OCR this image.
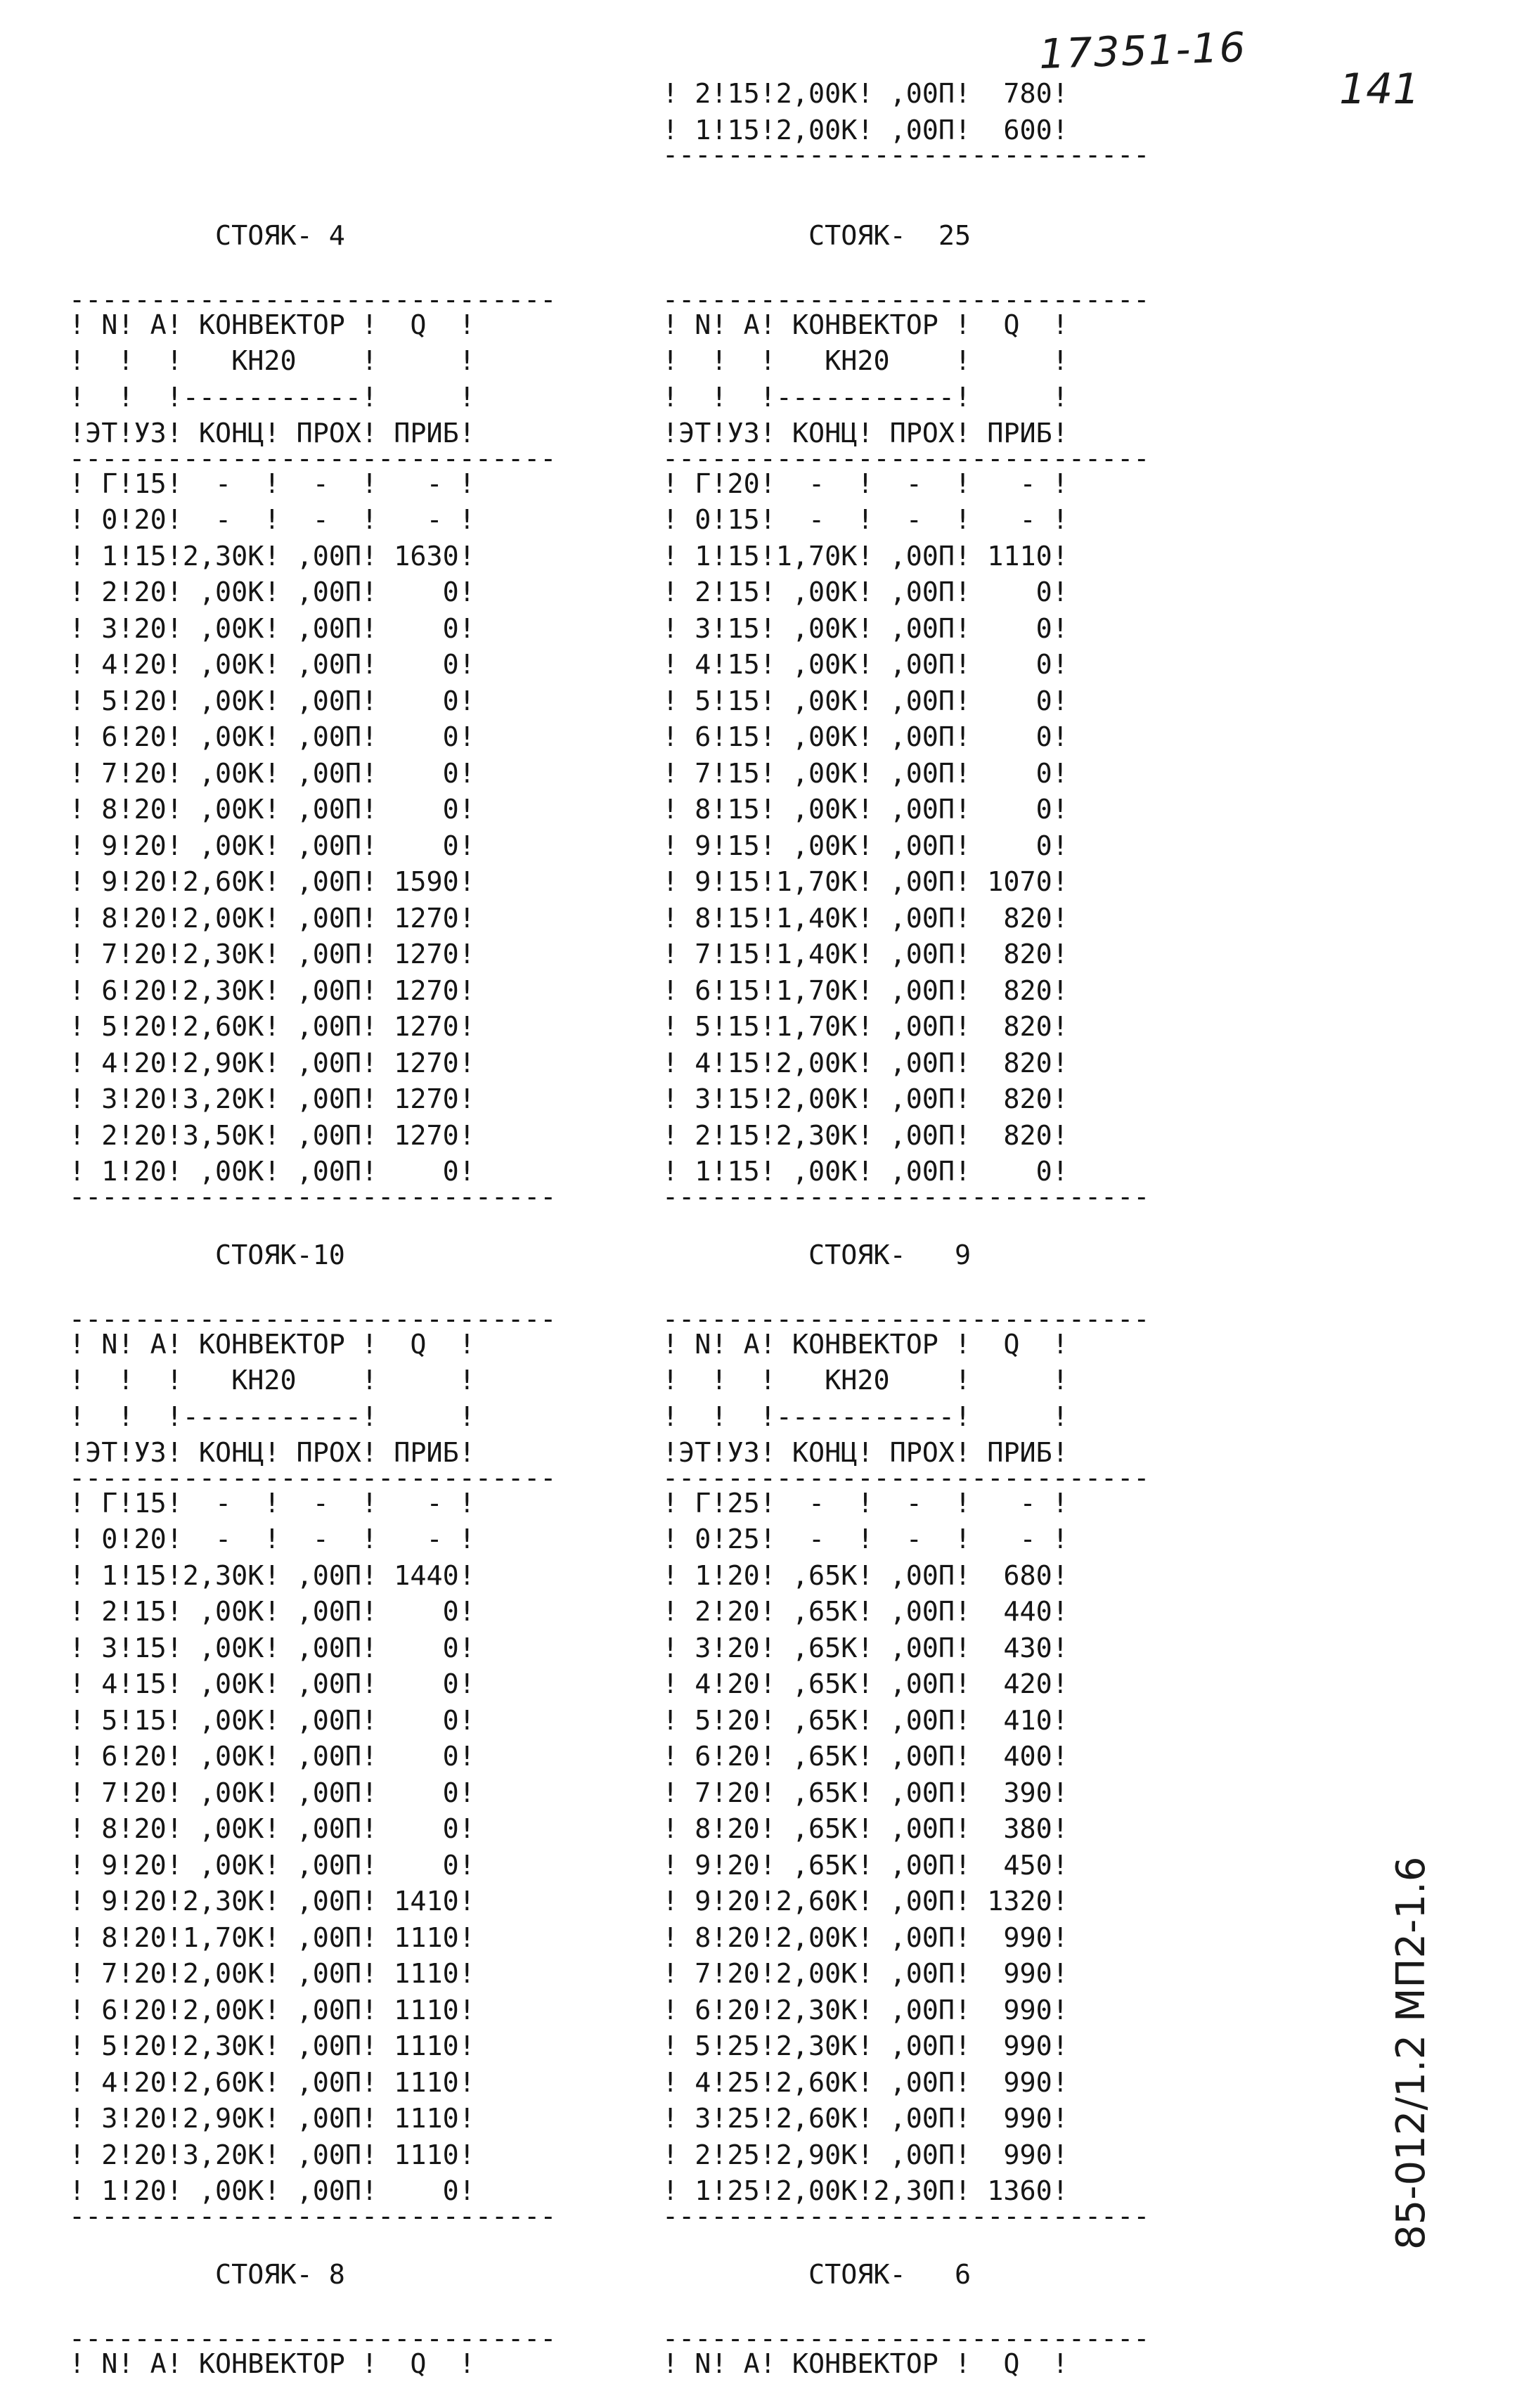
17351-16
141
85-012/1.2 МП2-1.6
! 2!15!2,00К! ,00П!  780!
! 1!15!2,00К! ,00П!  600!
------------------------------
СТОЯК- 4
------------------------------
! N! А! КОНВЕКТОР !  Q  !
!  !  !   КН20    !     !
!  !  !-----------!     !
!ЭТ!УЗ! КОНЦ! ПРОХ! ПРИБ!
------------------------------
! Г!15!  -  !  -  !   - !
! 0!20!  -  !  -  !   - !
! 1!15!2,30К! ,00П! 1630!
! 2!20! ,00К! ,00П!    0!
! 3!20! ,00К! ,00П!    0!
! 4!20! ,00К! ,00П!    0!
! 5!20! ,00К! ,00П!    0!
! 6!20! ,00К! ,00П!    0!
! 7!20! ,00К! ,00П!    0!
! 8!20! ,00К! ,00П!    0!
! 9!20! ,00К! ,00П!    0!
! 9!20!2,60К! ,00П! 1590!
! 8!20!2,00К! ,00П! 1270!
! 7!20!2,30К! ,00П! 1270!
! 6!20!2,30К! ,00П! 1270!
! 5!20!2,60К! ,00П! 1270!
! 4!20!2,90К! ,00П! 1270!
! 3!20!3,20К! ,00П! 1270!
! 2!20!3,50К! ,00П! 1270!
! 1!20! ,00К! ,00П!    0!
------------------------------
СТОЯК-  25
------------------------------
! N! А! КОНВЕКТОР !  Q  !
!  !  !   КН20    !     !
!  !  !-----------!     !
!ЭТ!УЗ! КОНЦ! ПРОХ! ПРИБ!
------------------------------
! Г!20!  -  !  -  !   - !
! 0!15!  -  !  -  !   - !
! 1!15!1,70К! ,00П! 1110!
! 2!15! ,00К! ,00П!    0!
! 3!15! ,00К! ,00П!    0!
! 4!15! ,00К! ,00П!    0!
! 5!15! ,00К! ,00П!    0!
! 6!15! ,00К! ,00П!    0!
! 7!15! ,00К! ,00П!    0!
! 8!15! ,00К! ,00П!    0!
! 9!15! ,00К! ,00П!    0!
! 9!15!1,70К! ,00П! 1070!
! 8!15!1,40К! ,00П!  820!
! 7!15!1,40К! ,00П!  820!
! 6!15!1,70К! ,00П!  820!
! 5!15!1,70К! ,00П!  820!
! 4!15!2,00К! ,00П!  820!
! 3!15!2,00К! ,00П!  820!
! 2!15!2,30К! ,00П!  820!
! 1!15! ,00К! ,00П!    0!
------------------------------
СТОЯК-10
------------------------------
! N! А! КОНВЕКТОР !  Q  !
!  !  !   КН20    !     !
!  !  !-----------!     !
!ЭТ!УЗ! КОНЦ! ПРОХ! ПРИБ!
------------------------------
! Г!15!  -  !  -  !   - !
! 0!20!  -  !  -  !   - !
! 1!15!2,30К! ,00П! 1440!
! 2!15! ,00К! ,00П!    0!
! 3!15! ,00К! ,00П!    0!
! 4!15! ,00К! ,00П!    0!
! 5!15! ,00К! ,00П!    0!
! 6!20! ,00К! ,00П!    0!
! 7!20! ,00К! ,00П!    0!
! 8!20! ,00К! ,00П!    0!
! 9!20! ,00К! ,00П!    0!
! 9!20!2,30К! ,00П! 1410!
! 8!20!1,70К! ,00П! 1110!
! 7!20!2,00К! ,00П! 1110!
! 6!20!2,00К! ,00П! 1110!
! 5!20!2,30К! ,00П! 1110!
! 4!20!2,60К! ,00П! 1110!
! 3!20!2,90К! ,00П! 1110!
! 2!20!3,20К! ,00П! 1110!
! 1!20! ,00К! ,00П!    0!
------------------------------
СТОЯК-   9
------------------------------
! N! А! КОНВЕКТОР !  Q  !
!  !  !   КН20    !     !
!  !  !-----------!     !
!ЭТ!УЗ! КОНЦ! ПРОХ! ПРИБ!
------------------------------
! Г!25!  -  !  -  !   - !
! 0!25!  -  !  -  !   - !
! 1!20! ,65К! ,00П!  680!
! 2!20! ,65К! ,00П!  440!
! 3!20! ,65К! ,00П!  430!
! 4!20! ,65К! ,00П!  420!
! 5!20! ,65К! ,00П!  410!
! 6!20! ,65К! ,00П!  400!
! 7!20! ,65К! ,00П!  390!
! 8!20! ,65К! ,00П!  380!
! 9!20! ,65К! ,00П!  450!
! 9!20!2,60К! ,00П! 1320!
! 8!20!2,00К! ,00П!  990!
! 7!20!2,00К! ,00П!  990!
! 6!20!2,30К! ,00П!  990!
! 5!25!2,30К! ,00П!  990!
! 4!25!2,60К! ,00П!  990!
! 3!25!2,60К! ,00П!  990!
! 2!25!2,90К! ,00П!  990!
! 1!25!2,00К!2,30П! 1360!
------------------------------
СТОЯК- 8
------------------------------
! N! А! КОНВЕКТОР !  Q  !
СТОЯК-   6
------------------------------
! N! А! КОНВЕКТОР !  Q  !
